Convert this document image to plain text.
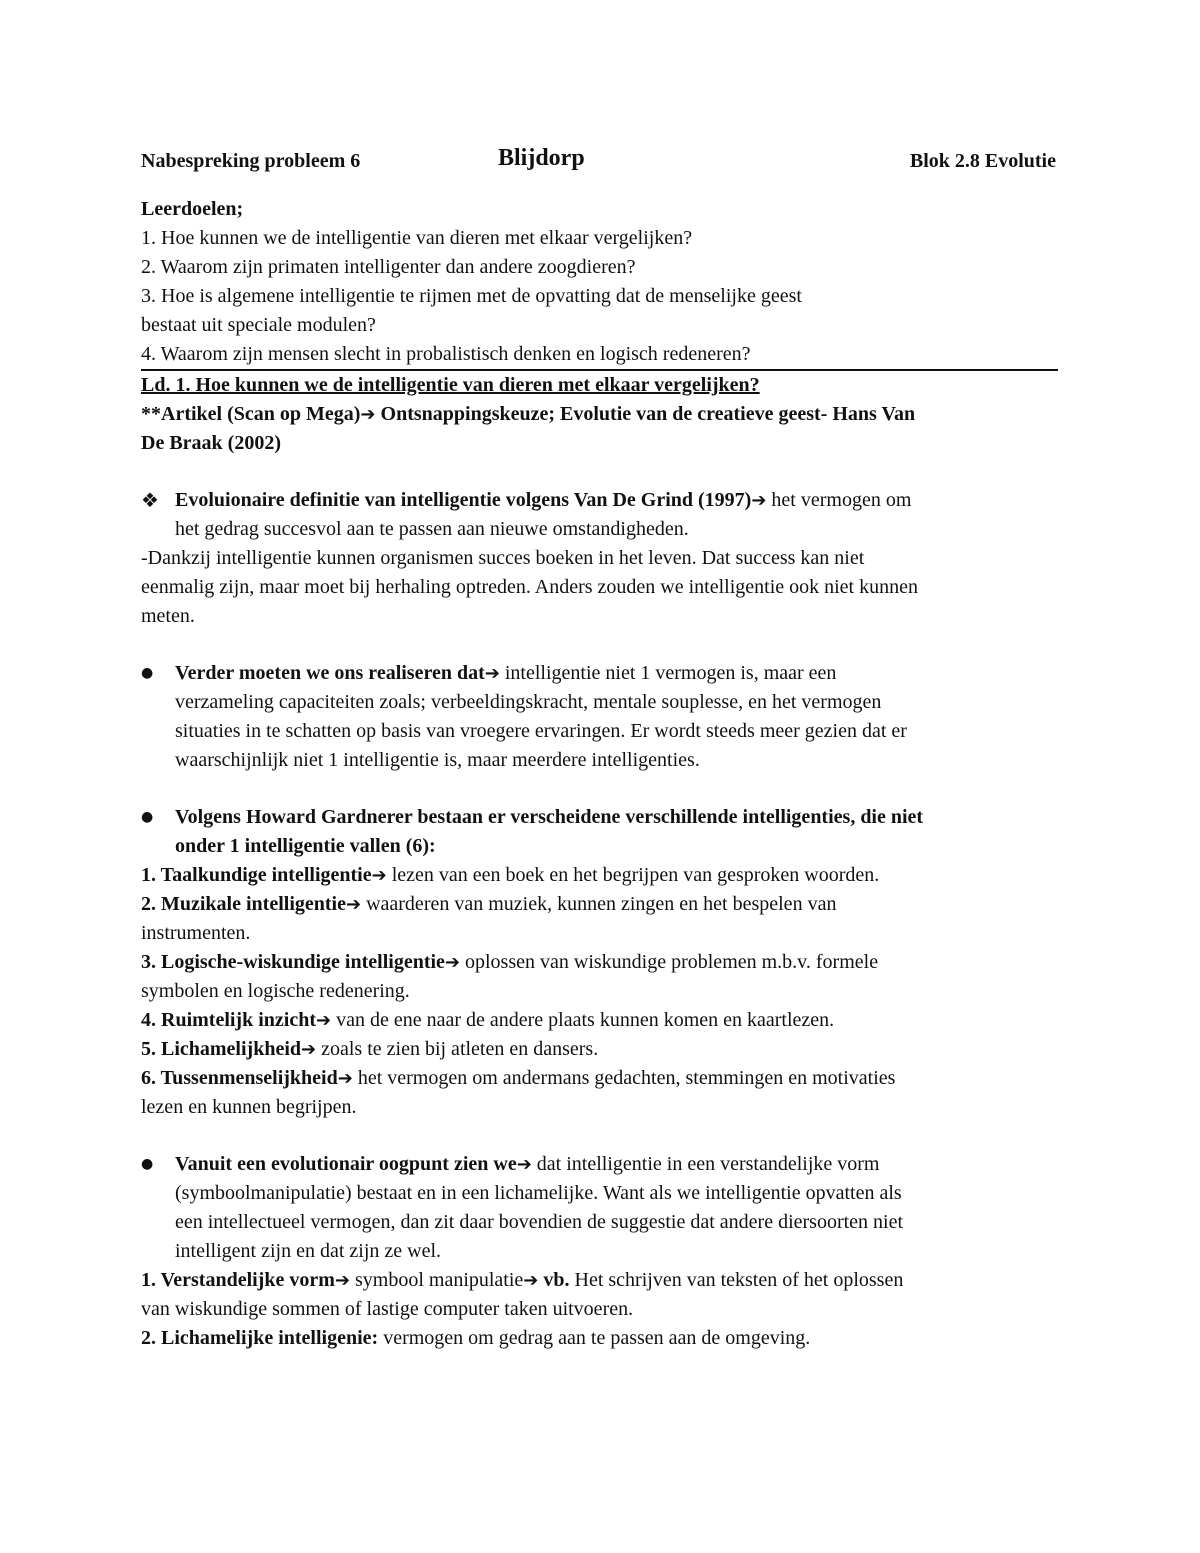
Nabespreking probleem 6	Blijdorp	Blok 2.8 Evolutie

Leerdoelen;

1. Hoe kunnen we de intelligentie van dieren met elkaar vergelijken?

2. Waarom zijn primaten intelligenter dan andere zoogdieren?

3. Hoe is algemene intelligentie te rijmen met de opvatting dat de menselijke geest

bestaat uit speciale modulen?

4. Waarom zijn mensen slecht in probalistisch denken en logisch redeneren?

Ld. 1. Hoe kunnen we de intelligentie van dieren met elkaar vergelijken?

**Artikel (Scan op Mega)➔ Ontsnappingskeuze; Evolutie van de creatieve geest- Hans Van

De Braak (2002)

❖ Evoluionaire definitie van intelligentie volgens Van De Grind (1997)➔ het vermogen om

het gedrag succesvol aan te passen aan nieuwe omstandigheden.

-Dankzij intelligentie kunnen organismen succes boeken in het leven. Dat success kan niet

eenmalig zijn, maar moet bij herhaling optreden. Anders zouden we intelligentie ook niet kunnen

meten.

● Verder moeten we ons realiseren dat➔ intelligentie niet 1 vermogen is, maar een

verzameling capaciteiten zoals; verbeeldingskracht, mentale souplesse, en het vermogen

situaties in te schatten op basis van vroegere ervaringen. Er wordt steeds meer gezien dat er

waarschijnlijk niet 1 intelligentie is, maar meerdere intelligenties.

● Volgens Howard Gardnerer bestaan er verscheidene verschillende intelligenties, die niet

onder 1 intelligentie vallen (6):

1. Taalkundige intelligentie➔ lezen van een boek en het begrijpen van gesproken woorden.

2. Muzikale intelligentie➔ waarderen van muziek, kunnen zingen en het bespelen van

instrumenten.

3. Logische-wiskundige intelligentie➔ oplossen van wiskundige problemen m.b.v. formele

symbolen en logische redenering.

4. Ruimtelijk inzicht➔ van de ene naar de andere plaats kunnen komen en kaartlezen.

5. Lichamelijkheid➔ zoals te zien bij atleten en dansers.

6. Tussenmenselijkheid➔ het vermogen om andermans gedachten, stemmingen en motivaties

lezen en kunnen begrijpen.

● Vanuit een evolutionair oogpunt zien we➔ dat intelligentie in een verstandelijke vorm

(symboolmanipulatie) bestaat en in een lichamelijke. Want als we intelligentie opvatten als

een intellectueel vermogen, dan zit daar bovendien de suggestie dat andere diersoorten niet

intelligent zijn en dat zijn ze wel.

1. Verstandelijke vorm➔ symbool manipulatie➔ vb. Het schrijven van teksten of het oplossen

van wiskundige sommen of lastige computer taken uitvoeren.

2. Lichamelijke intelligenie: vermogen om gedrag aan te passen aan de omgeving.
